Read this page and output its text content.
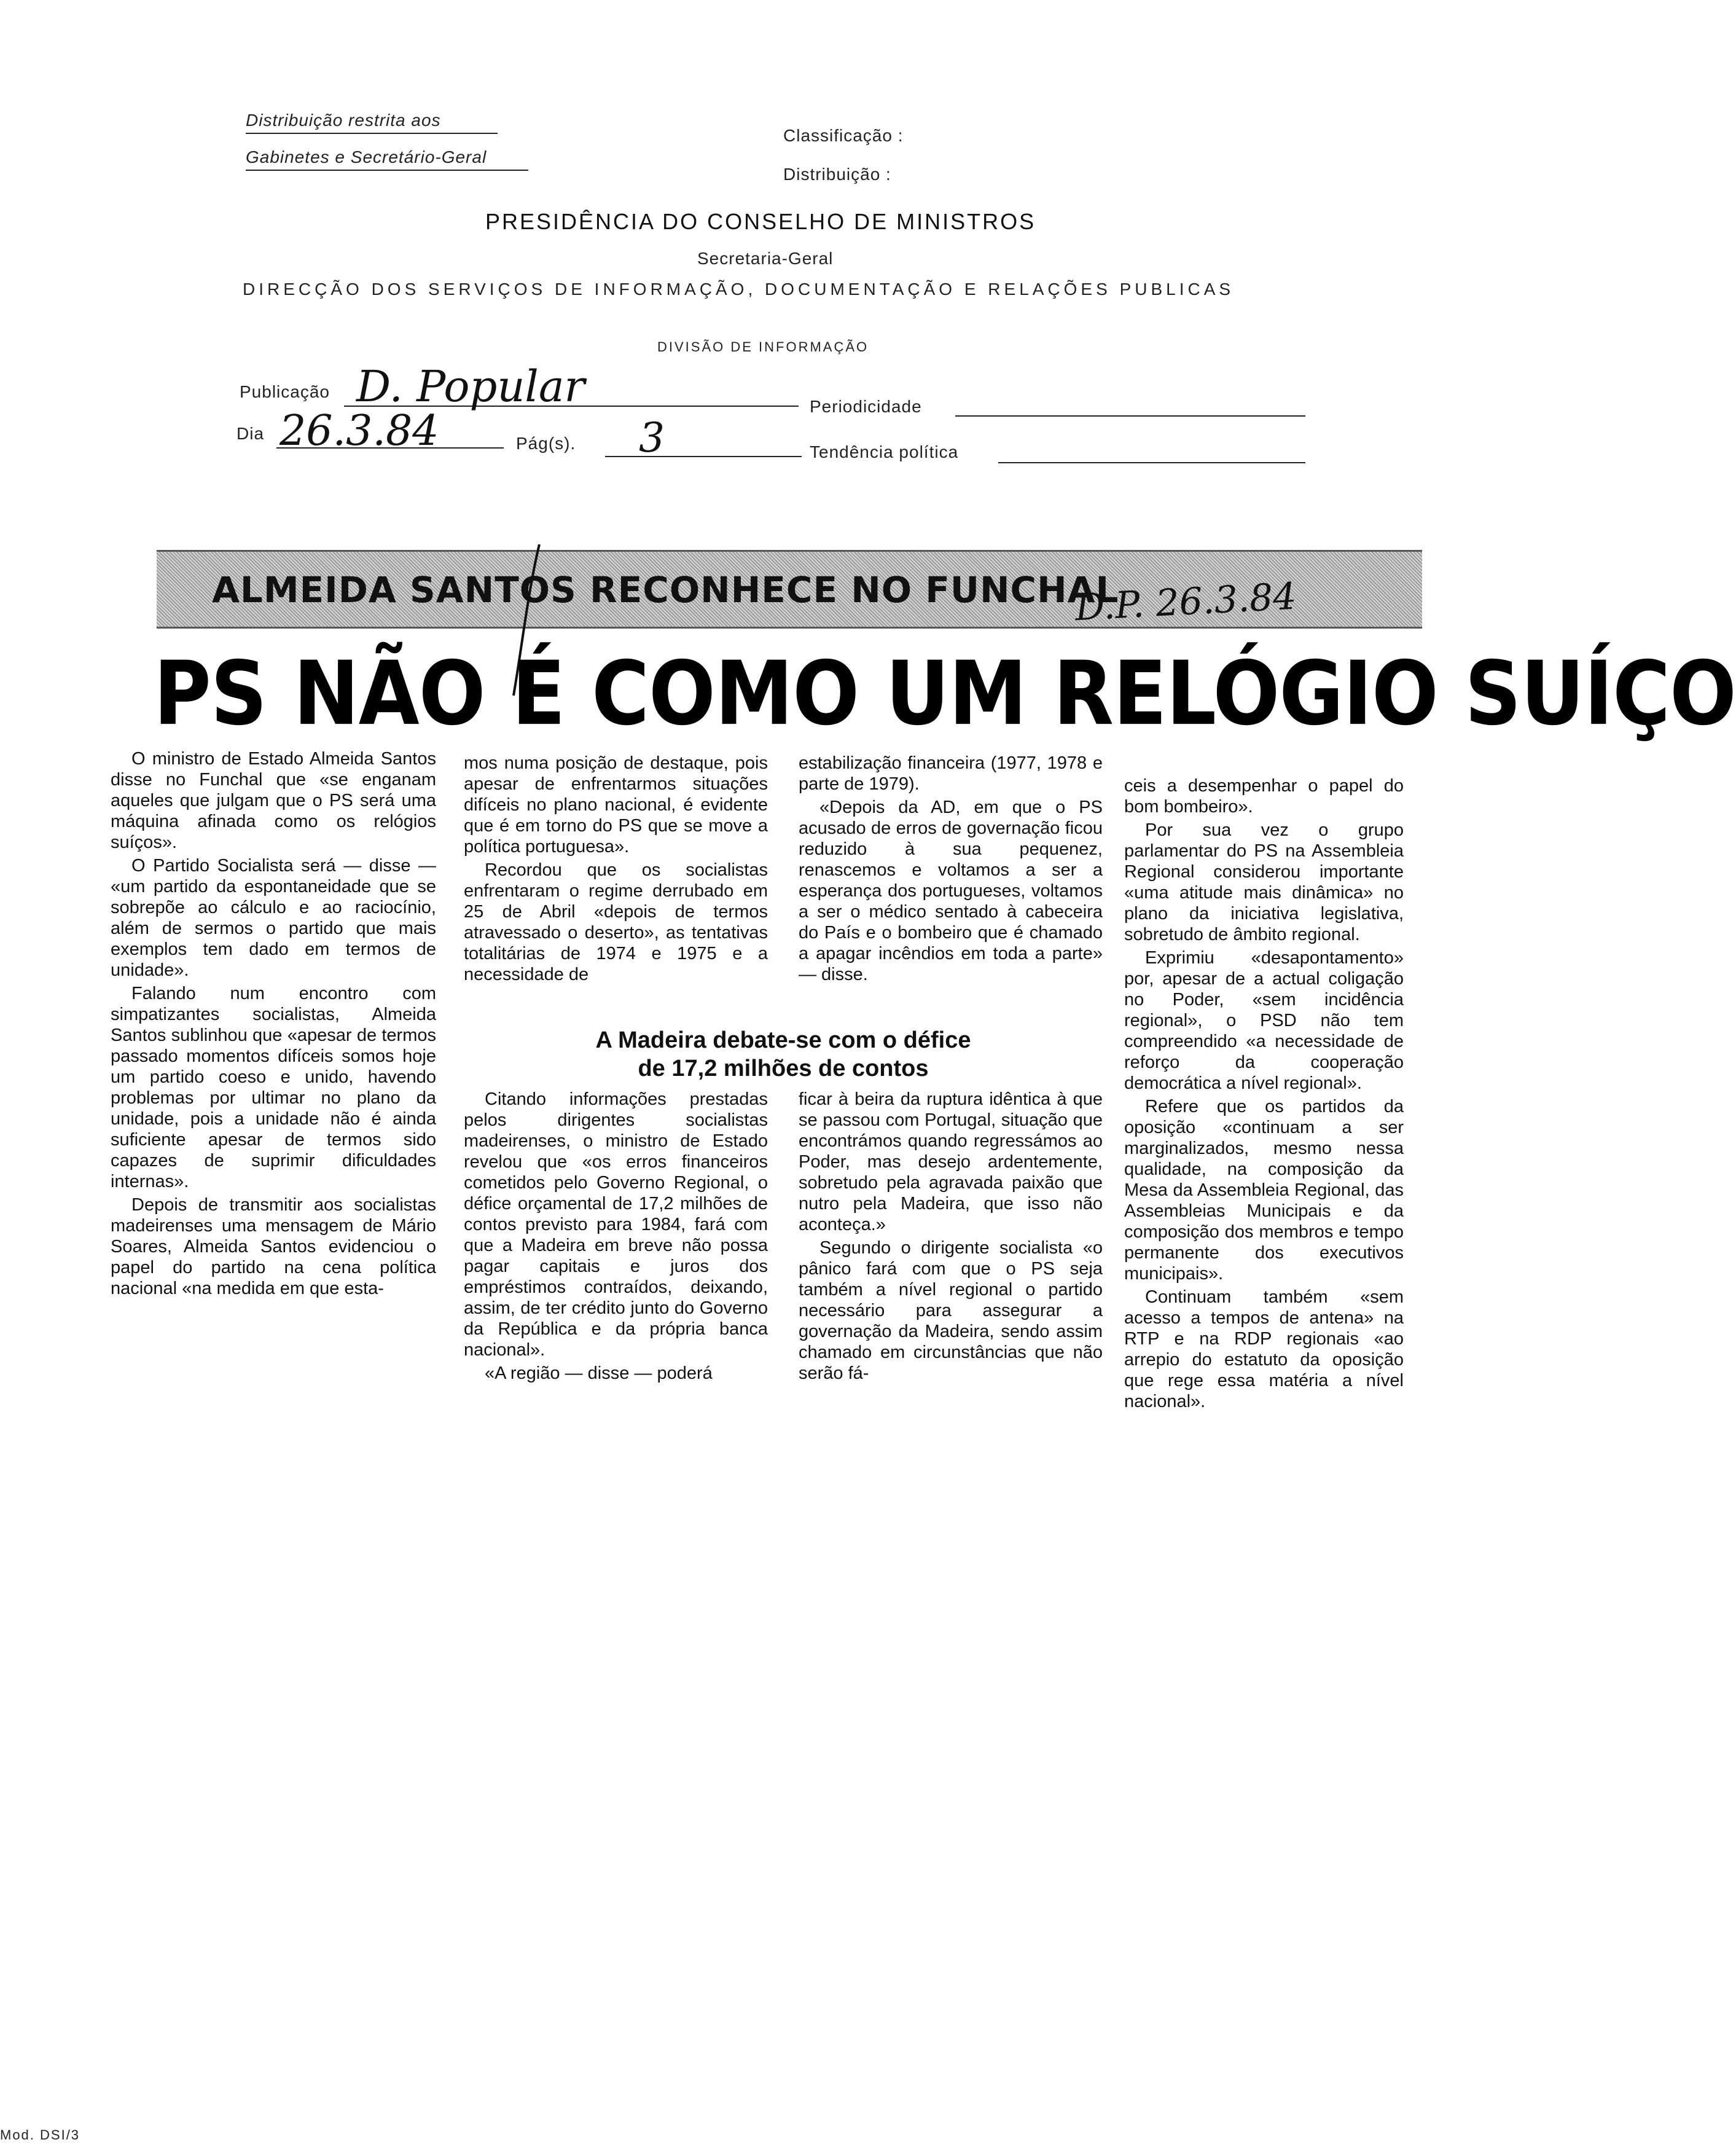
Distribuição restrita aos
Gabinetes e Secretário-Geral
Classificação :
Distribuição :
PRESIDÊNCIA DO CONSELHO DE MINISTROS
Secretaria-Geral
DIRECÇÃO DOS SERVIÇOS DE INFORMAÇÃO, DOCUMENTAÇÃO E RELAÇÕES PUBLICAS
DIVISÃO DE INFORMAÇÃO
Publicação D. Popular	Periodicidade
Dia 26.3.84	Pág(s). 3	Tendência política
ALMEIDA SANTOS RECONHECE NO FUNCHAL
D.P. 26.3.84
PS NÃO É COMO UM RELÓGIO SUÍÇO

O ministro de Estado Almeida Santos disse no Funchal que «se enganam aqueles que julgam que o PS será uma máquina afinada como os relógios suíços».

O Partido Socialista será — disse — «um partido da espontaneidade que se sobrepõe ao cálculo e ao raciocínio, além de sermos o partido que mais exemplos tem dado em termos de unidade».

Falando num encontro com simpatizantes socialistas, Almeida Santos sublinhou que «apesar de termos passado momentos difíceis somos hoje um partido coeso e unido, havendo problemas por ultimar no plano da unidade, pois a unidade não é ainda suficiente apesar de termos sido capazes de suprimir dificuldades internas».

Depois de transmitir aos socialistas madeirenses uma mensagem de Mário Soares, Almeida Santos evidenciou o papel do partido na cena política nacional «na medida em que esta-

mos numa posição de destaque, pois apesar de enfrentarmos situações difíceis no plano nacional, é evidente que é em torno do PS que se move a política portuguesa».

Recordou que os socialistas enfrentaram o regime derrubado em 25 de Abril «depois de termos atravessado o deserto», as tentativas totalitárias de 1974 e 1975 e a necessidade de

estabilização financeira (1977, 1978 e parte de 1979).

«Depois da AD, em que o PS acusado de erros de governação ficou reduzido à sua pequenez, renascemos e voltamos a ser a esperança dos portugueses, voltamos a ser o médico sentado à cabeceira do País e o bombeiro que é chamado a apagar incêndios em toda a parte» — disse.

A Madeira debate-se com o défice
de 17,2 milhões de contos

Citando informações prestadas pelos dirigentes socialistas madeirenses, o ministro de Estado revelou que «os erros financeiros cometidos pelo Governo Regional, o défice orçamental de 17,2 milhões de contos previsto para 1984, fará com que a Madeira em breve não possa pagar capitais e juros dos empréstimos contraídos, deixando, assim, de ter crédito junto do Governo da República e da própria banca nacional».

«A região — disse — poderá

ficar à beira da ruptura idêntica à que se passou com Portugal, situação que encontrámos quando regressámos ao Poder, mas desejo ardentemente, sobretudo pela agravada paixão que nutro pela Madeira, que isso não aconteça.»

Segundo o dirigente socialista «o pânico fará com que o PS seja também a nível regional o partido necessário para assegurar a governação da Madeira, sendo assim chamado em circunstâncias que não serão fá-

ceis a desempenhar o papel do bom bombeiro».

Por sua vez o grupo parlamentar do PS na Assembleia Regional considerou importante «uma atitude mais dinâmica» no plano da iniciativa legislativa, sobretudo de âmbito regional.

Exprimiu «desapontamento» por, apesar de a actual coligação no Poder, «sem incidência regional», o PSD não tem compreendido «a necessidade de reforço da cooperação democrática a nível regional».

Refere que os partidos da oposição «continuam a ser marginalizados, mesmo nessa qualidade, na composição da Mesa da Assembleia Regional, das Assembleias Municipais e da composição dos membros e tempo permanente dos executivos municipais».

Continuam também «sem acesso a tempos de antena» na RTP e na RDP regionais «ao arrepio do estatuto da oposição que rege essa matéria a nível nacional».

Mod. DSI/3
